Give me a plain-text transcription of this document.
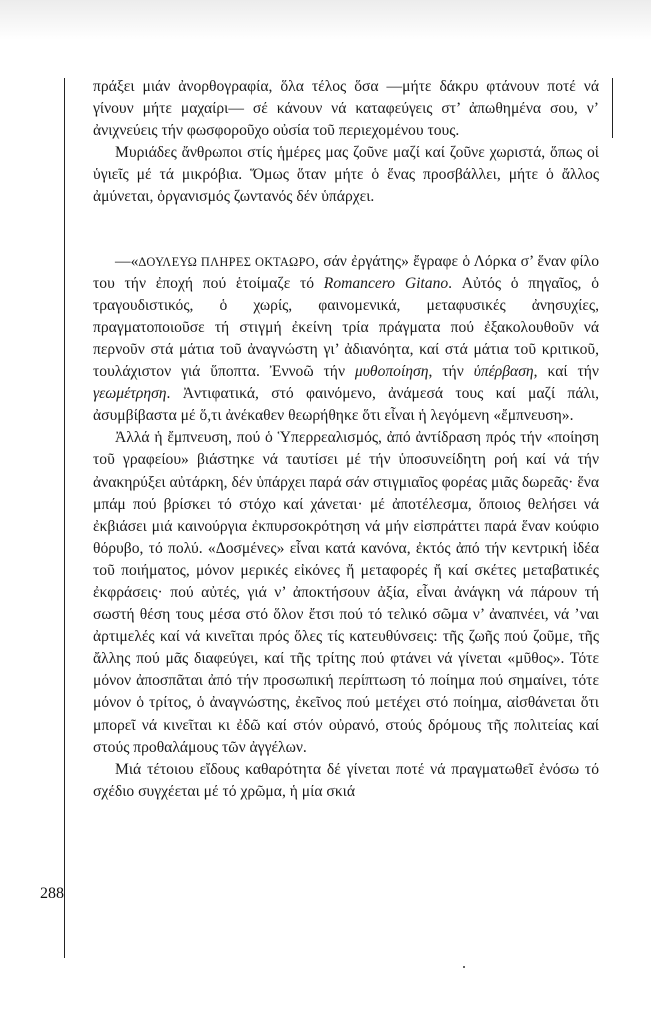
288

πράξει μιάν ἀνορθογραφία, ὅλα τέλος ὅσα —μήτε δάκρυ φτάνουν ποτέ νά γίνουν μήτε μαχαίρι— σέ κάνουν νά καταφεύγεις στ’ ἀπωθημένα σου, ν’ ἀνιχνεύεις τήν φωσφοροῦχο οὐσία τοῦ περιεχομένου τους.

Μυριάδες ἄνθρωποι στίς ἡμέρες μας ζοῦνε μαζί καί ζοῦνε χωριστά, ὅπως οἱ ὑγιεῖς μέ τά μικρόβια. Ὅμως ὅταν μήτε ὁ ἕνας προσβάλλει, μήτε ὁ ἄλλος ἀμύνεται, ὀργανισμός ζωντανός δέν ὑπάρχει.

—«ΔΟΥΛΕΥΩ ΠΛΗΡΕΣ ΟΚΤΑΩΡΟ, σάν ἐργάτης» ἔγραφε ὁ Λόρκα σ’ ἕναν φίλο του τήν ἐποχή πού ἑτοίμαζε τό Romancero Gitano. Αὐτός ὁ πηγαῖος, ὁ τραγουδιστικός, ὁ χωρίς, φαινομενικά, μεταφυσικές ἀνησυχίες, πραγματοποιοῦσε τή στιγμή ἐκείνη τρία πράγματα πού ἐξακολουθοῦν νά περνοῦν στά μάτια τοῦ ἀναγνώστη γι’ ἀδιανόητα, καί στά μάτια τοῦ κριτικοῦ, τουλάχιστον γιά ὕποπτα. Ἐννοῶ τήν μυθοποίηση, τήν ὑπέρβαση, καί τήν γεωμέτρηση. Ἀντιφατικά, στό φαινόμενο, ἀνάμεσά τους καί μαζί πάλι, ἀσυμβίβαστα μέ ὅ,τι ἀνέκαθεν θεωρήθηκε ὅτι εἶναι ἡ λεγόμενη «ἔμπνευση».

Ἀλλά ἡ ἔμπνευση, πού ὁ Ὑπερρεαλισμός, ἀπό ἀντίδραση πρός τήν «ποίηση τοῦ γραφείου» βιάστηκε νά ταυτίσει μέ τήν ὑποσυνείδητη ροή καί νά τήν ἀνακηρύξει αὐτάρκη, δέν ὑπάρχει παρά σάν στιγμιαῖος φορέας μιᾶς δωρεᾶς· ἕνα μπάμ πού βρίσκει τό στόχο καί χάνεται· μέ ἀποτέλεσμα, ὅποιος θελήσει νά ἐκβιάσει μιά καινούργια ἐκπυρσοκρότηση νά μήν εἰσπράττει παρά ἕναν κούφιο θόρυβο, τό πολύ. «Δοσμένες» εἶναι κατά κανόνα, ἐκτός ἀπό τήν κεντρική ἰδέα τοῦ ποιήματος, μόνον μερικές εἰκόνες ἤ μεταφορές ἤ καί σκέτες μεταβατικές ἐκφράσεις· πού αὐτές, γιά ν’ ἀποκτήσουν ἀξία, εἶναι ἀνάγκη νά πάρουν τή σωστή θέση τους μέσα στό ὅλον ἔτσι πού τό τελικό σῶμα ν’ ἀναπνέει, νά ’ναι ἀρτιμελές καί νά κινεῖται πρός ὅλες τίς κατευθύνσεις: τῆς ζωῆς πού ζοῦμε, τῆς ἄλλης πού μᾶς διαφεύγει, καί τῆς τρίτης πού φτάνει νά γίνεται «μῦθος». Τότε μόνον ἀποσπᾶται ἀπό τήν προσωπική περίπτωση τό ποίημα πού σημαίνει, τότε μόνον ὁ τρίτος, ὁ ἀναγνώστης, ἐκεῖνος πού μετέχει στό ποίημα, αἰσθάνεται ὅτι μπορεῖ νά κινεῖται κι ἐδῶ καί στόν οὐρανό, στούς δρόμους τῆς πολιτείας καί στούς προθαλάμους τῶν ἀγγέλων.

Μιά τέτοιου εἴδους καθαρότητα δέ γίνεται ποτέ νά πραγματωθεῖ ἐνόσω τό σχέδιο συγχέεται μέ τό χρῶμα, ἡ μία σκιά
